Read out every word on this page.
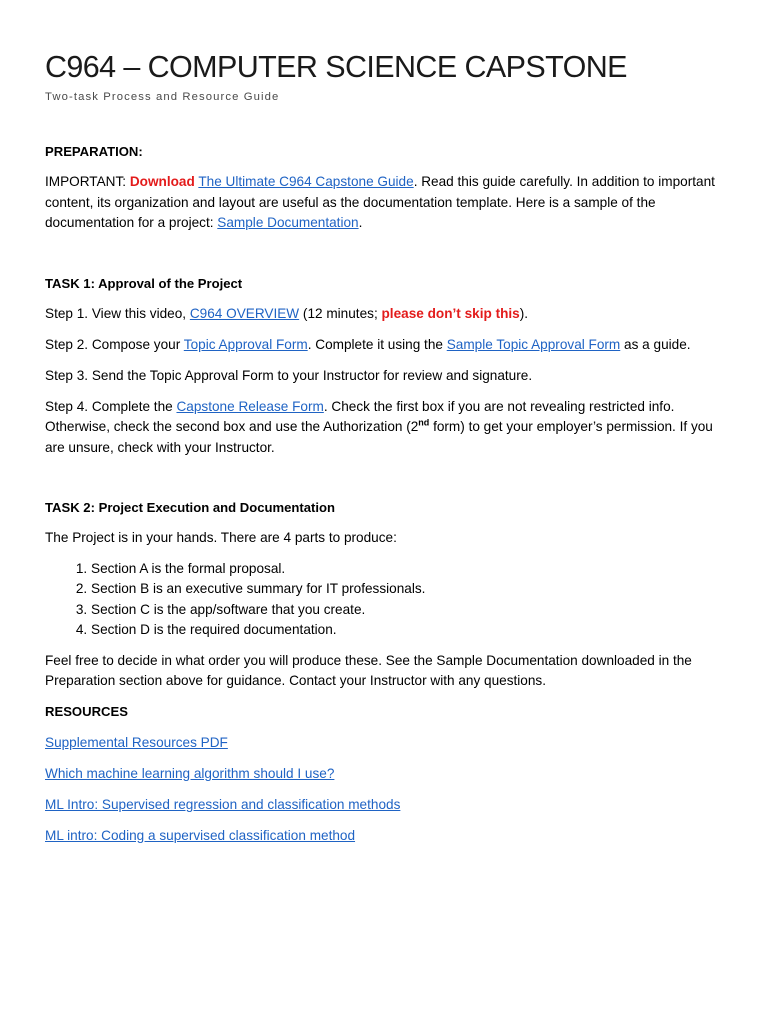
C964 – COMPUTER SCIENCE CAPSTONE
Two-task Process and Resource Guide
PREPARATION:

IMPORTANT: Download The Ultimate C964 Capstone Guide. Read this guide carefully. In addition to important content, its organization and layout are useful as the documentation template. Here is a sample of the documentation for a project: Sample Documentation.

TASK 1: Approval of the Project

Step 1. View this video, C964 OVERVIEW (12 minutes; please don’t skip this).

Step 2. Compose your Topic Approval Form. Complete it using the Sample Topic Approval Form as a guide.

Step 3. Send the Topic Approval Form to your Instructor for review and signature.

Step 4. Complete the Capstone Release Form. Check the first box if you are not revealing restricted info. Otherwise, check the second box and use the Authorization (2nd form) to get your employer’s permission. If you are unsure, check with your Instructor.

TASK 2: Project Execution and Documentation

The Project is in your hands. There are 4 parts to produce:

1. Section A is the formal proposal.
2. Section B is an executive summary for IT professionals.
3. Section C is the app/software that you create.
4. Section D is the required documentation.

Feel free to decide in what order you will produce these. See the Sample Documentation downloaded in the Preparation section above for guidance. Contact your Instructor with any questions.

RESOURCES
Supplemental Resources PDF
Which machine learning algorithm should I use?
ML Intro: Supervised regression and classification methods
ML intro: Coding a supervised classification method
